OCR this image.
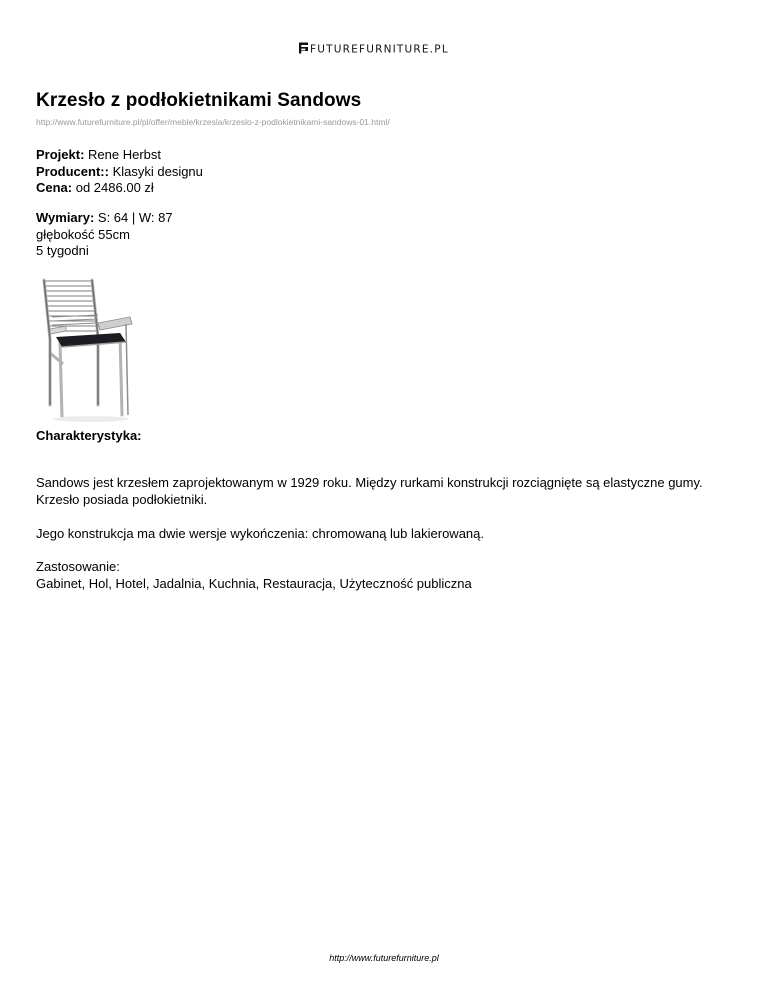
FUTUREFURNITURE.PL
Krzesło z podłokietnikami Sandows
http://www.futurefurniture.pl/pl/offer/meble/krzesla/krzeslo-z-podlokietnikami-sandows-01.html/
Projekt: Rene Herbst
Producent:: Klasyki designu
Cena: od 2486.00 zł
Wymiary: S: 64 | W: 87
głębokość 55cm
5 tygodni
Charakterystyka:
Sandows jest krzesłem zaprojektowanym w 1929 roku. Między rurkami konstrukcji rozciągnięte są elastyczne gumy. Krzesło posiada podłokietniki.
Jego konstrukcja ma dwie wersje wykończenia: chromowaną lub lakierowaną.
Zastosowanie:
Gabinet, Hol, Hotel, Jadalnia, Kuchnia, Restauracja, Użyteczność publiczna
http://www.futurefurniture.pl
